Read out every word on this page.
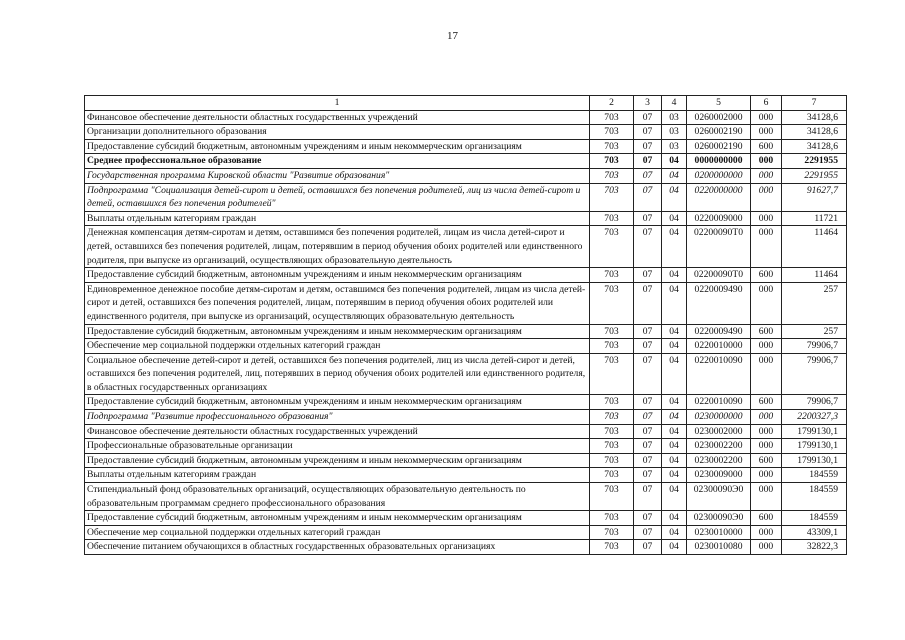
17
1	2	3	4	5	6	7
Финансовое обеспечение деятельности областных государственных учреждений	703	07	03	0260002000	000	34128,6
Организации дополнительного образования	703	07	03	0260002190	000	34128,6
Предоставление субсидий бюджетным, автономным учреждениям и иным некоммерческим организациям	703	07	03	0260002190	600	34128,6
Среднее профессиональное образование	703	07	04	0000000000	000	2291955
Государственная программа Кировской области "Развитие образования"	703	07	04	0200000000	000	2291955
Подпрограмма "Социализация детей-сирот и детей, оставшихся без попечения родителей, лиц из числа детей-сирот и детей, оставшихся без попечения родителей"	703	07	04	0220000000	000	91627,7
Выплаты отдельным категориям граждан	703	07	04	0220009000	000	11721
Денежная компенсация детям-сиротам и детям, оставшимся без попечения родителей, лицам из числа детей-сирот и детей, оставшихся без попечения родителей, лицам, потерявшим в период обучения обоих родителей или единственного родителя, при выпуске из организаций, осуществляющих образовательную деятельность	703	07	04	02200090Т0	000	11464
Предоставление субсидий бюджетным, автономным учреждениям и иным некоммерческим организациям	703	07	04	02200090Т0	600	11464
Единовременное денежное пособие детям-сиротам и детям, оставшимся без попечения родителей, лицам из числа детей-сирот и детей, оставшихся без попечения родителей, лицам, потерявшим в период обучения обоих родителей или единственного родителя, при выпуске из организаций, осуществляющих образовательную деятельность	703	07	04	0220009490	000	257
Предоставление субсидий бюджетным, автономным учреждениям и иным некоммерческим организациям	703	07	04	0220009490	600	257
Обеспечение мер социальной поддержки отдельных категорий граждан	703	07	04	0220010000	000	79906,7
Социальное обеспечение детей-сирот и детей, оставшихся без попечения родителей, лиц из числа детей-сирот и детей, оставшихся без попечения родителей, лиц, потерявших в период обучения обоих родителей или единственного родителя, в областных государственных организациях	703	07	04	0220010090	000	79906,7
Предоставление субсидий бюджетным, автономным учреждениям и иным некоммерческим организациям	703	07	04	0220010090	600	79906,7
Подпрограмма "Развитие профессионального образования"	703	07	04	0230000000	000	2200327,3
Финансовое обеспечение деятельности областных государственных учреждений	703	07	04	0230002000	000	1799130,1
Профессиональные образовательные организации	703	07	04	0230002200	000	1799130,1
Предоставление субсидий бюджетным, автономным учреждениям и иным некоммерческим организациям	703	07	04	0230002200	600	1799130,1
Выплаты отдельным категориям граждан	703	07	04	0230009000	000	184559
Стипендиальный фонд образовательных организаций, осуществляющих образовательную деятельность по образовательным программам среднего профессионального образования	703	07	04	02300090Э0	000	184559
Предоставление субсидий бюджетным, автономным учреждениям и иным некоммерческим организациям	703	07	04	02300090Э0	600	184559
Обеспечение мер социальной поддержки отдельных категорий граждан	703	07	04	0230010000	000	43309,1
Обеспечение питанием обучающихся в областных государственных образовательных организациях	703	07	04	0230010080	000	32822,3
